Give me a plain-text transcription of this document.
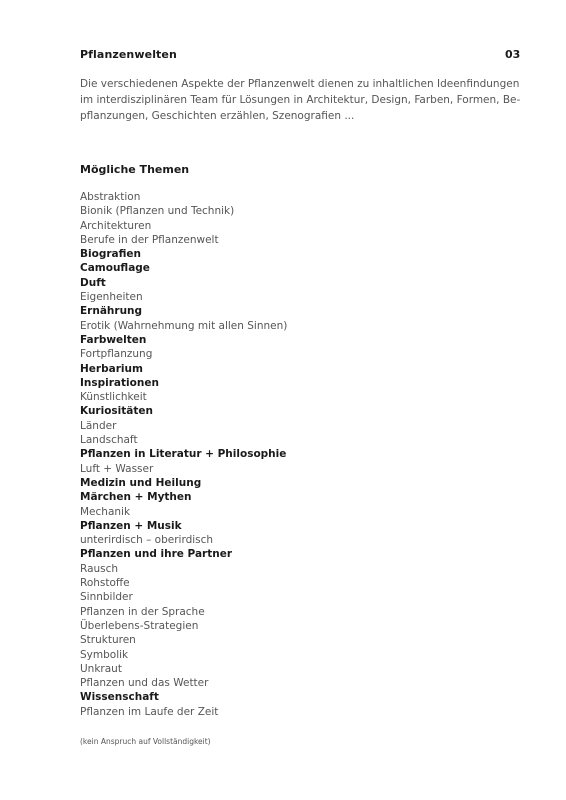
Pflanzenwelten	03

Die verschiedenen Aspekte der Pflanzenwelt dienen zu inhaltlichen Ideenfindungen
im interdisziplinären Team für Lösungen in Architektur, Design, Farben, Formen, Be-
pflanzungen, Geschichten erzählen, Szenografien ...

Mögliche Themen
Abstraktion
Bionik (Pflanzen und Technik)
Architekturen
Berufe in der Pflanzenwelt
Biografien
Camouflage
Duft
Eigenheiten
Ernährung
Erotik (Wahrnehmung mit allen Sinnen)
Farbwelten
Fortpflanzung
Herbarium
Inspirationen
Künstlichkeit
Kuriositäten
Länder
Landschaft
Pflanzen in Literatur + Philosophie
Luft + Wasser
Medizin und Heilung
Märchen + Mythen
Mechanik
Pflanzen + Musik
unterirdisch – oberirdisch
Pflanzen und ihre Partner
Rausch
Rohstoffe
Sinnbilder
Pflanzen in der Sprache
Überlebens-Strategien
Strukturen
Symbolik
Unkraut
Pflanzen und das Wetter
Wissenschaft
Pflanzen im Laufe der Zeit
(kein Anspruch auf Vollständigkeit)
